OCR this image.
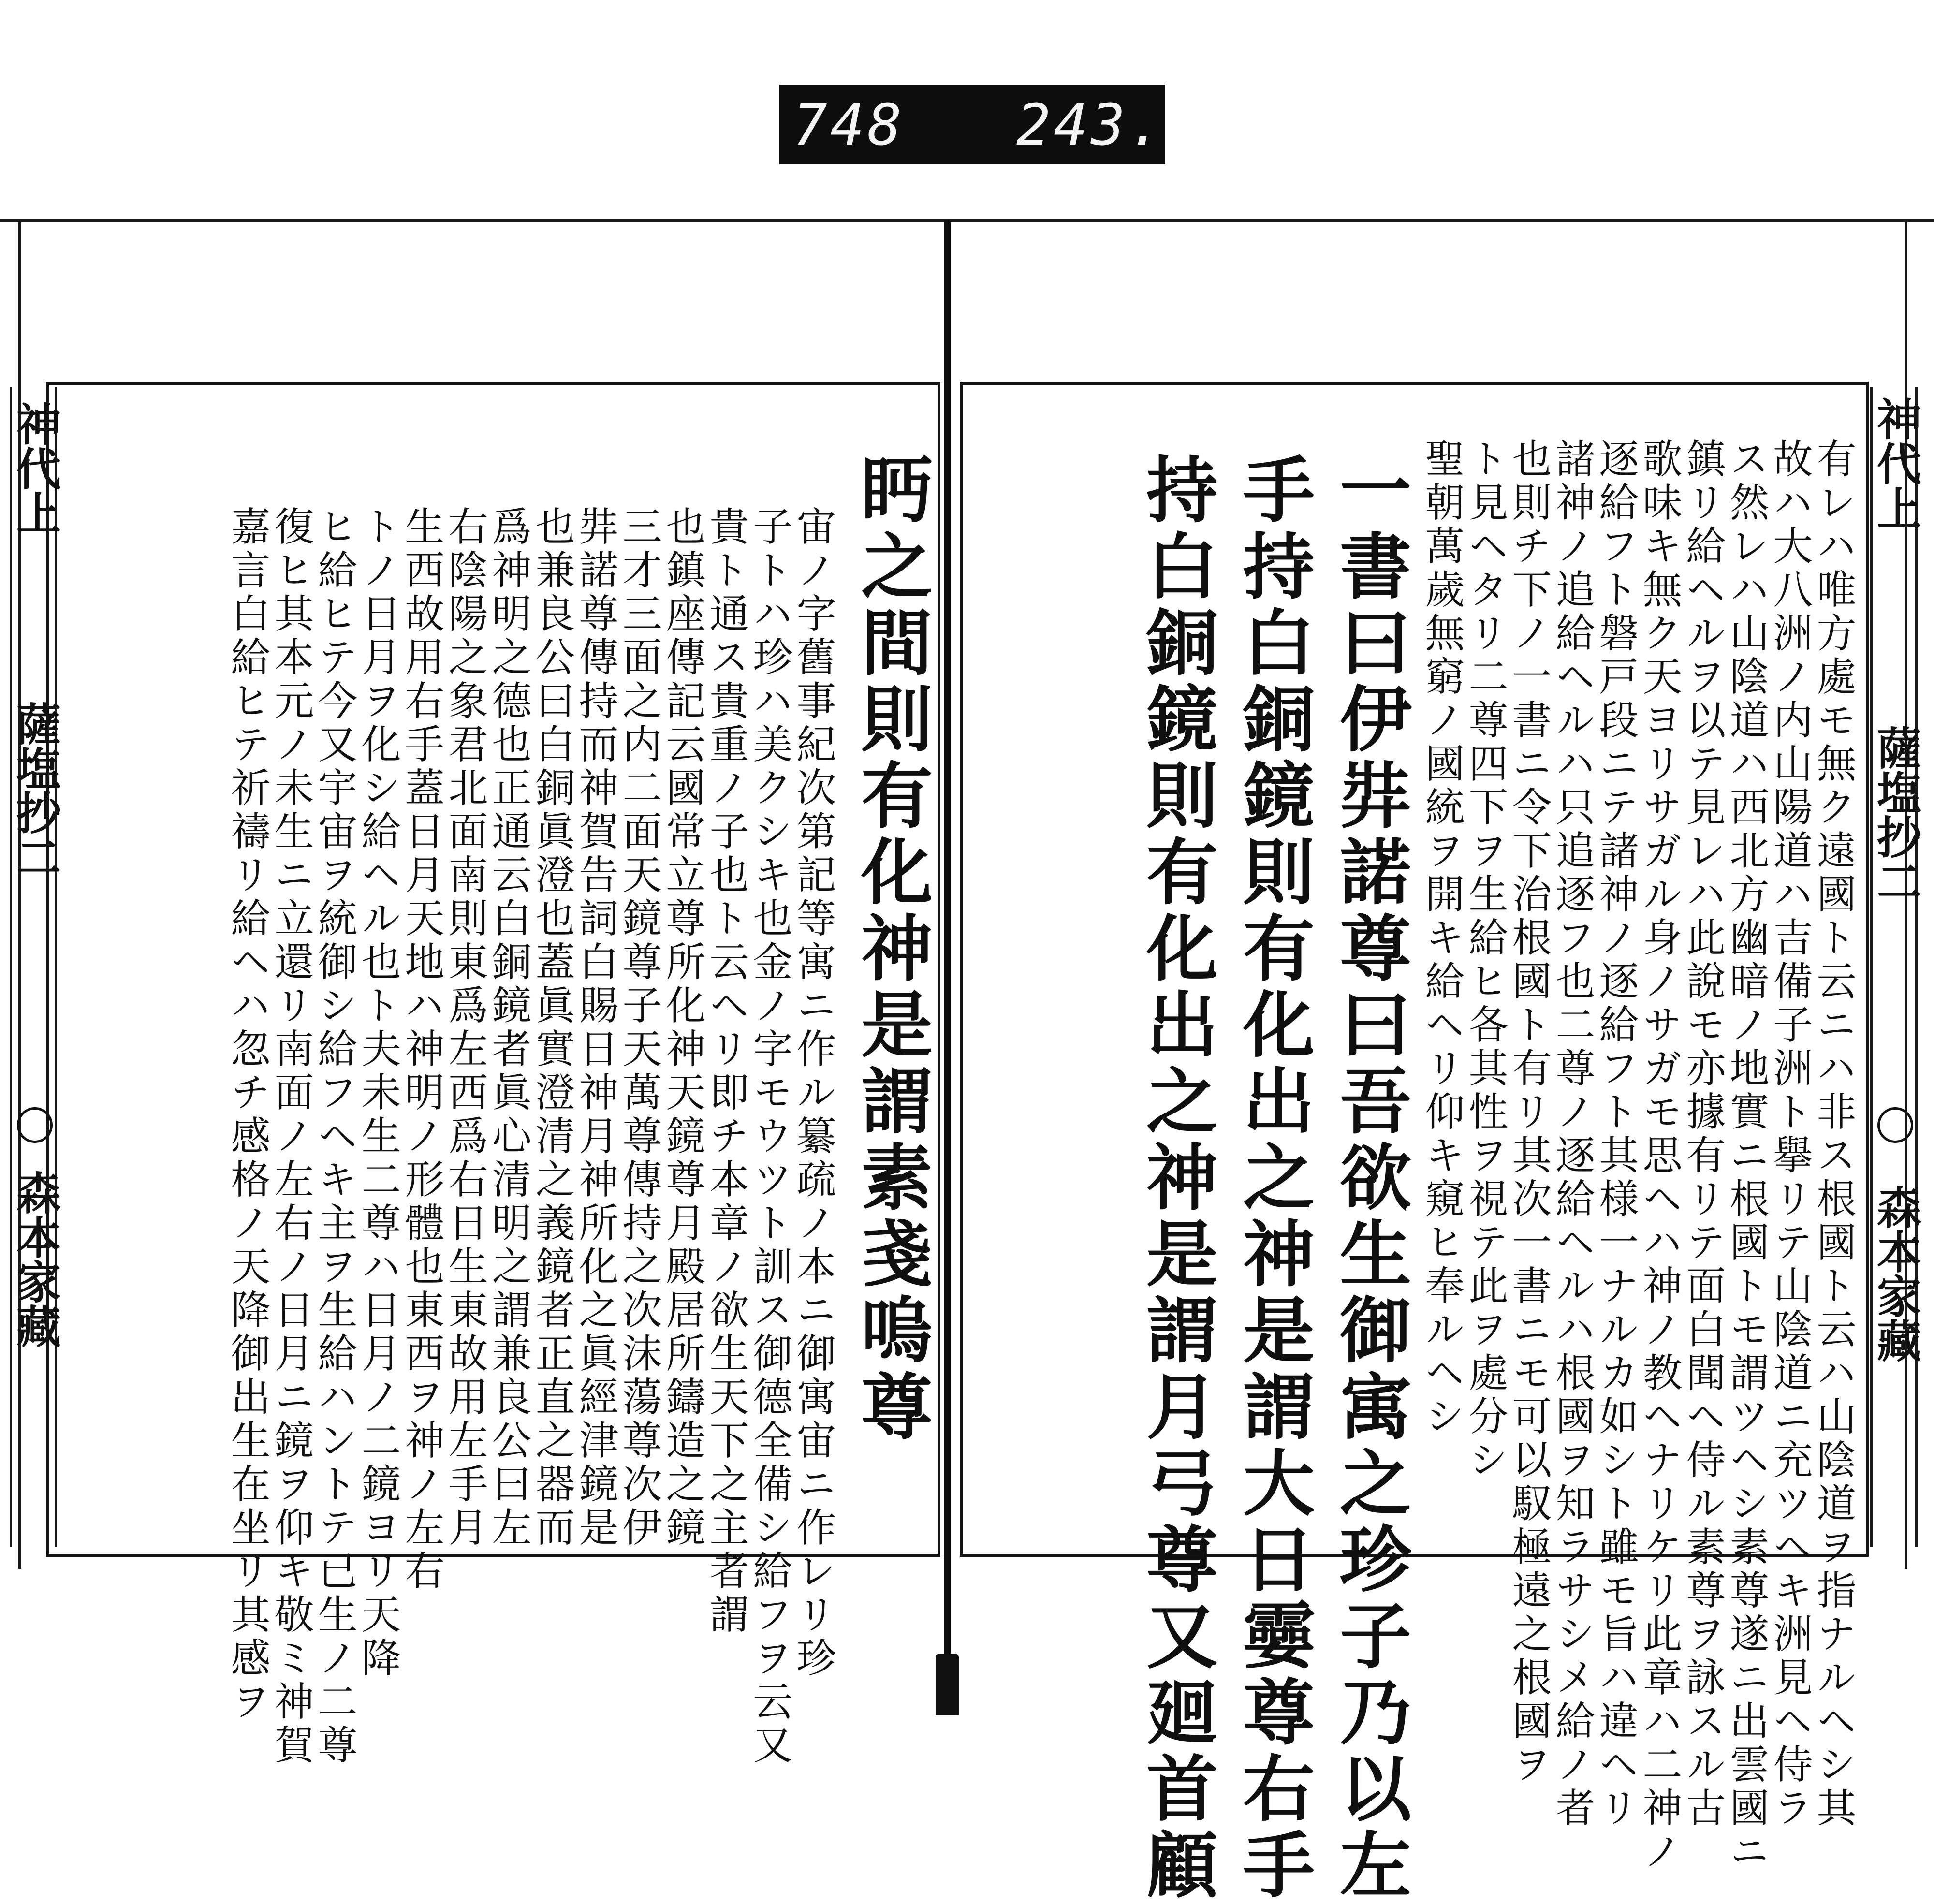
748 243.
神代上
薩塩抄二
森本家藏
神代上
薩塩抄二
森本家藏
有レハ唯方處モ無ク遠國ト云ニハ非ス根國ト云ハ山陰道ヲ指ナルヘシ其
故ハ大八洲ノ内山陽道ハ吉備子洲ト擧リテ山陰道ニ充ツヘキ洲見ヘ侍ラ
ス然レハ山陰道ハ西北方幽暗ノ地實ニ根國トモ謂ツヘシ素尊遂ニ出雲國ニ
鎮リ給ヘルヲ以テ見レハ此說モ亦據有リテ面白聞ヘ侍ル素尊ヲ詠スル古
歌味キ無ク天ヨリサガル身ノサガモ思ヘハ神ノ教ヘナリケリ此章ハ二神ノ
逐給フト磐戸段ニテ諸神ノ逐給フト其様一ナルカ如シト雖モ旨ハ違ヘリ
諸神ノ追給ヘルハ只追逐フ也二尊ノ逐給ヘルハ根國ヲ知ラサシメ給ノ者
也則チ下ノ一書ニ令下治根國ト有リ其次一書ニモ可以馭極遠之根國ヲ
ト見ヘタリ二尊四下ヲ生給ヒ各其性ヲ視テ此ヲ處分シ
聖朝萬歲無窮ノ國統ヲ開キ給ヘリ仰キ窺ヒ奉ルヘシ
一書曰伊弉諾尊曰吾欲生御㝢之珍子乃以左
手持白銅鏡則有化出之神是謂大日孁尊右手
持白銅鏡則有化出之神是謂月弓尊又廻首顧
眄之間則有化神是謂素戔嗚尊
宙ノ字舊事紀次第記等寓ニ作ル纂疏ノ本ニ御寓宙ニ作レリ珍
子トハ珍ハ美クシキ也金ノ字モウツト訓ス御德全備シ給フヲ云又
貴ト通ス貴重ノ子也ト云ヘリ即チ本章ノ欲生天下之主者謂
也鎮座傳記云國常立尊所化神天鏡尊月殿居所鑄造之鏡
三才三面之内二面天鏡尊子天萬尊傳持之次沫蕩尊次伊
弉諾尊傳持而神賀告詞白賜日神月神所化之眞經津鏡是
也兼良公曰白銅眞澄也蓋眞實澄清之義鏡者正直之器而
爲神明之德也正通云白銅鏡者眞心清明之謂兼良公曰左
右陰陽之象君北面南則東爲左西爲右日生東故用左手月
生西故用右手蓋日月天地ハ神明ノ形體也東西ヲ神ノ左右
トノ日月ヲ化シ給ヘル也ト夫未生二尊ハ日月ノ二鏡ヨリ天降
ヒ給ヒテ今又宇宙ヲ統御シ給フヘキ主ヲ生給ハントテ已生ノ二尊
復ヒ其本元ノ未生ニ立還リ南面ノ左右ノ日月ニ鏡ヲ仰キ敬ミ神賀
嘉言白給ヒテ祈禱リ給ヘハ忽チ感格ノ天降御出生在坐リ其感ヲ
